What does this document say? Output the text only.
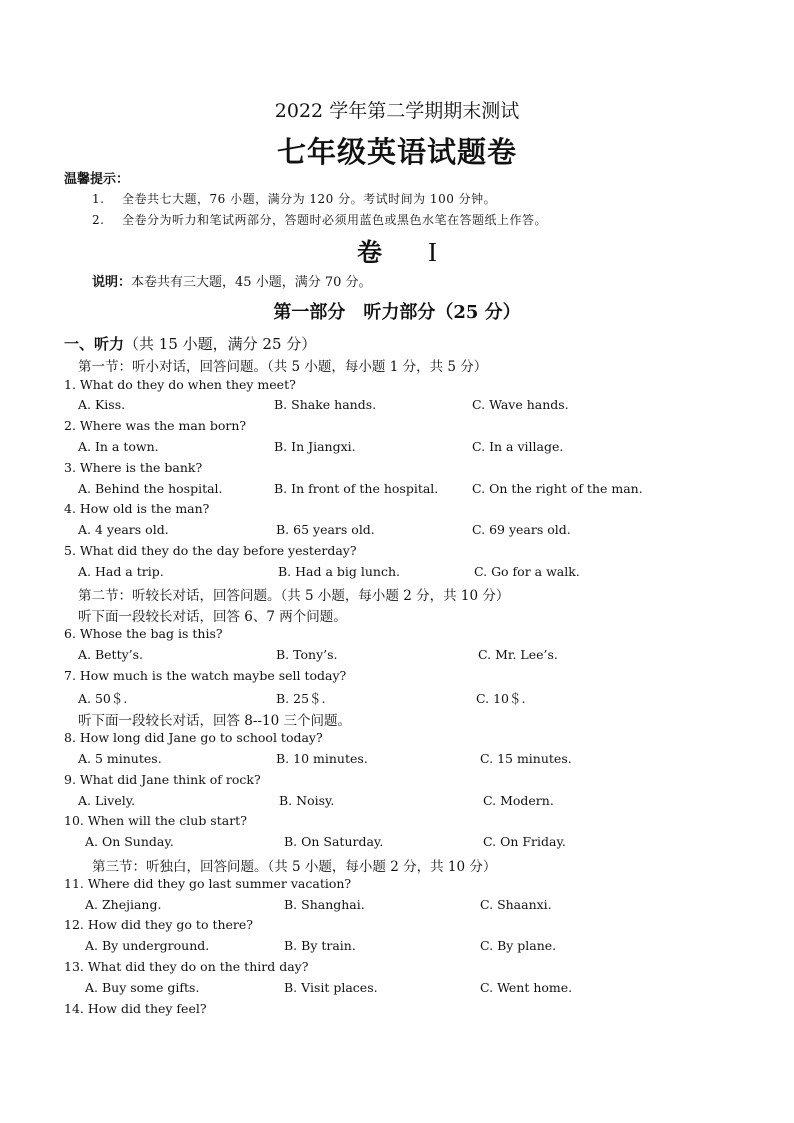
2022 学年第二学期期末测试
七年级英语试题卷
温馨提示：
1. 全卷共七大题，76 小题，满分为 120 分。考试时间为 100 分钟。
2. 全卷分为听力和笔试两部分，答题时必须用蓝色或黑色水笔在答题纸上作答。
卷 I
说明：本卷共有三大题，45 小题，满分 70 分。
第一部分　听力部分（25 分）
一、听力（共 15 小题，满分 25 分）
第一节：听小对话，回答问题。（共 5 小题，每小题 1 分，共 5 分）
1. What do they do when they meet?
A. Kiss.	B. Shake hands.	C. Wave hands.
2. Where was the man born?
A. In a town.	B. In Jiangxi.	C. In a village.
3. Where is the bank?
A. Behind the hospital.	B. In front of the hospital.	C. On the right of the man.
4. How old is the man?
A. 4 years old.	B. 65 years old.	C. 69 years old.
5. What did they do the day before yesterday?
A. Had a trip.	B. Had a big lunch.	C. Go for a walk.
第二节：听较长对话，回答问题。（共 5 小题，每小题 2 分，共 10 分）
听下面一段较长对话，回答 6、7 两个问题。
6. Whose the bag is this?
A. Betty’s.	B. Tony’s.	C. Mr. Lee’s.
7. How much is the watch maybe sell today?
A. 50＄.	B. 25＄.	C. 10＄.
听下面一段较长对话，回答 8--10 三个问题。
8. How long did Jane go to school today?
A. 5 minutes.	B. 10 minutes.	C. 15 minutes.
9. What did Jane think of rock?
A. Lively.	B. Noisy.	C. Modern.
10. When will the club start?
A. On Sunday.	B. On Saturday.	C. On Friday.
第三节：听独白，回答问题。（共 5 小题，每小题 2 分，共 10 分）
11. Where did they go last summer vacation?
A. Zhejiang.	B. Shanghai.	C. Shaanxi.
12. How did they go to there?
A. By underground.	B. By train.	C. By plane.
13. What did they do on the third day?
A. Buy some gifts.	B. Visit places.	C. Went home.
14. How did they feel?
